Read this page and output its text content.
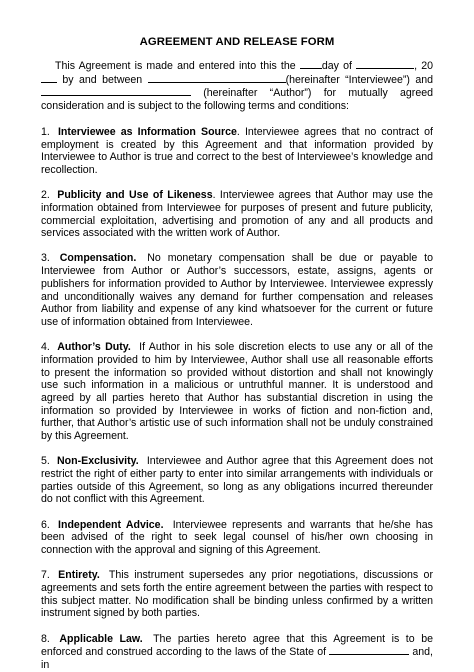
AGREEMENT AND RELEASE FORM

This Agreement is made and entered into this the day of	, 20 by and between	(hereinafter “Interviewee”) and  (hereinafter “Author”) for mutually agreed consideration and is subject to the following terms and conditions:

1. Interviewee as Information Source. Interviewee agrees that no contract of employment is created by this Agreement and that information provided by Interviewee to Author is true and correct to the best of Interviewee’s knowledge and recollection.

2. Publicity and Use of Likeness. Interviewee agrees that Author may use the information obtained from Interviewee for purposes of present and future publicity, commercial exploitation, advertising and promotion of any and all products and services associated with the written work of Author.

3. Compensation. No monetary compensation shall be due or payable to Interviewee from Author or Author’s successors, estate, assigns, agents or publishers for information provided to Author by Interviewee. Interviewee expressly and unconditionally waives any demand for further compensation and releases Author from liability and expense of any kind whatsoever for the current or future use of information obtained from Interviewee.

4. Author’s Duty. If Author in his sole discretion elects to use any or all of the information provided to him by Interviewee, Author shall use all reasonable efforts to present the information so provided without distortion and shall not knowingly use such information in a malicious or untruthful manner. It is understood and agreed by all parties hereto that Author has substantial discretion in using the information so provided by Interviewee in works of fiction and non-fiction and, further, that Author’s artistic use of such information shall not be unduly constrained by this Agreement.

5. Non-Exclusivity. Interviewee and Author agree that this Agreement does not restrict the right of either party to enter into similar arrangements with individuals or parties outside of this Agreement, so long as any obligations incurred thereunder do not conflict with this Agreement.

6. Independent Advice. Interviewee represents and warrants that he/she has been advised of the right to seek legal counsel of his/her own choosing in connection with the approval and signing of this Agreement.

7. Entirety. This instrument supersedes any prior negotiations, discussions or agreements and sets forth the entire agreement between the parties with respect to this subject matter. No modification shall be binding unless confirmed by a written instrument signed by both parties.

8. Applicable Law. The parties hereto agree that this Agreement is to be enforced and construed according to the laws of the State of	and, in
